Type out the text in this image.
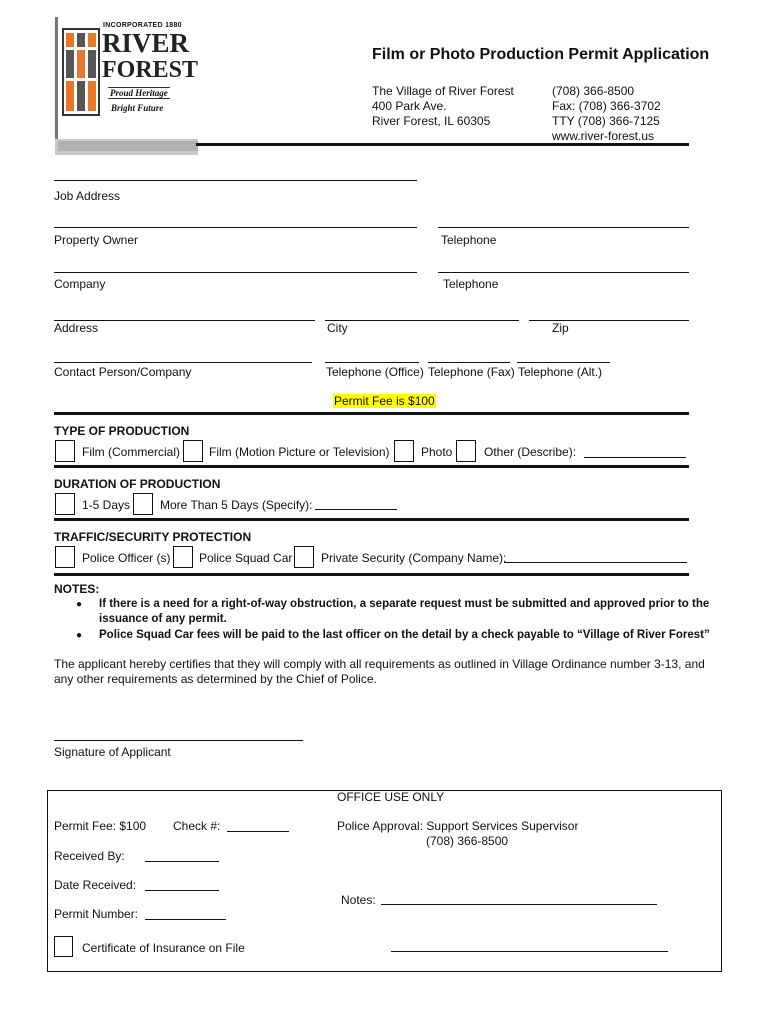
INCORPORATED 1880
RIVER
FOREST
Proud Heritage
Bright Future
Film or Photo Production Permit Application
The Village of River Forest
400 Park Ave.
River Forest, IL 60305
(708) 366-8500
Fax: (708) 366-3702
TTY (708) 366-7125
www.river-forest.us
Job Address
Property Owner	Telephone
Company	Telephone
Address	City	Zip
Contact Person/Company	Telephone (Office) Telephone (Fax) Telephone (Alt.)
Permit Fee is $100
TYPE OF PRODUCTION
Film (Commercial) Film (Motion Picture or Television)	Photo	Other (Describe):
DURATION OF PRODUCTION
1-5 Days More Than 5 Days (Specify):
TRAFFIC/SECURITY PROTECTION
Police Officer (s) Police Squad Car Private Security (Company Name):
NOTES:
● If there is a need for a right-of-way obstruction, a separate request must be submitted and approved prior to the issuance of any permit.
● Police Squad Car fees will be paid to the last officer on the detail by a check payable to “Village of River Forest”
The applicant hereby certifies that they will comply with all requirements as outlined in Village Ordinance number 3-13, and any other requirements as determined by the Chief of Police.
Signature of Applicant
OFFICE USE ONLY
Permit Fee: $100 Check #:	Police Approval: Support Services Supervisor
(708) 366-8500
Received By:
Date Received:
Notes:
Permit Number:
Certificate of Insurance on File
